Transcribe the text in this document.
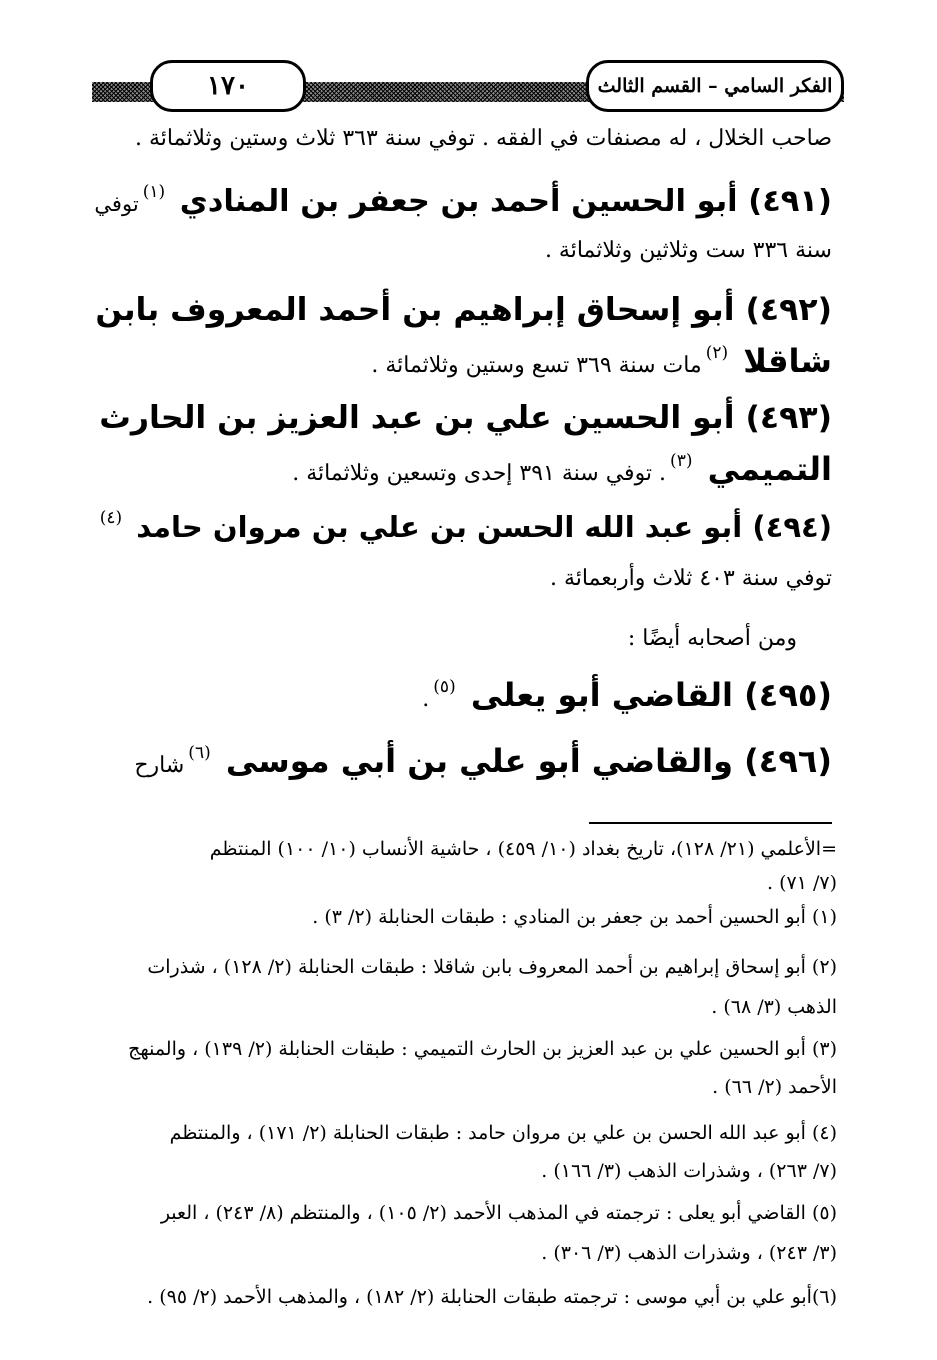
١٧٠	الفكر السامي – القسم الثالث
صاحب الخلال ، له مصنفات في الفقه . توفي سنة ٣٦٣ ثلاث وستين وثلاثمائة .
(٤٩١) أبو الحسين أحمد بن جعفر بن المنادي $^{(١)}$توفي
سنة ٣٣٦ ست وثلاثين وثلاثمائة .
(٤٩٢) أبو إسحاق إبراهيم بن أحمد المعروف بابن
شاقلا $^{(٢)}$مات سنة ٣٦٩ تسع وستين وثلاثمائة .
(٤٩٣) أبو الحسين علي بن عبد العزيز بن الحارث
التميمي $^{(٣)}$. توفي سنة ٣٩١ إحدى وتسعين وثلاثمائة .
(٤٩٤) أبو عبد الله الحسن بن علي بن مروان حامد $^{(٤)}$
توفي سنة ٤٠٣ ثلاث وأربعمائة .
ومن أصحابه أيضًا :
(٤٩٥) القاضي أبو يعلى $^{(٥)}$.
(٤٩٦) والقاضي أبو علي بن أبي موسى $^{(٦)}$شارح
=الأعلمي (٢١/ ١٢٨)، تاريخ بغداد (١٠/ ٤٥٩) ، حاشية الأنساب (١٠/ ١٠٠) المنتظم
(٧/ ٧١) .
(١) أبو الحسين أحمد بن جعفر بن المنادي : طبقات الحنابلة (٢/ ٣) .
(٢) أبو إسحاق إبراهيم بن أحمد المعروف بابن شاقلا : طبقات الحنابلة (٢/ ١٢٨) ، شذرات
الذهب (٣/ ٦٨) .
(٣) أبو الحسين علي بن عبد العزيز بن الحارث التميمي : طبقات الحنابلة (٢/ ١٣٩) ، والمنهج
الأحمد (٢/ ٦٦) .
(٤) أبو عبد الله الحسن بن علي بن مروان حامد : طبقات الحنابلة (٢/ ١٧١) ، والمنتظم
(٧/ ٢٦٣) ، وشذرات الذهب (٣/ ١٦٦) .
(٥) القاضي أبو يعلى : ترجمته في المذهب الأحمد (٢/ ١٠٥) ، والمنتظم (٨/ ٢٤٣) ، العبر
(٣/ ٢٤٣) ، وشذرات الذهب (٣/ ٣٠٦) .
(٦)أبو علي بن أبي موسى : ترجمته طبقات الحنابلة (٢/ ١٨٢) ، والمذهب الأحمد (٢/ ٩٥) .
